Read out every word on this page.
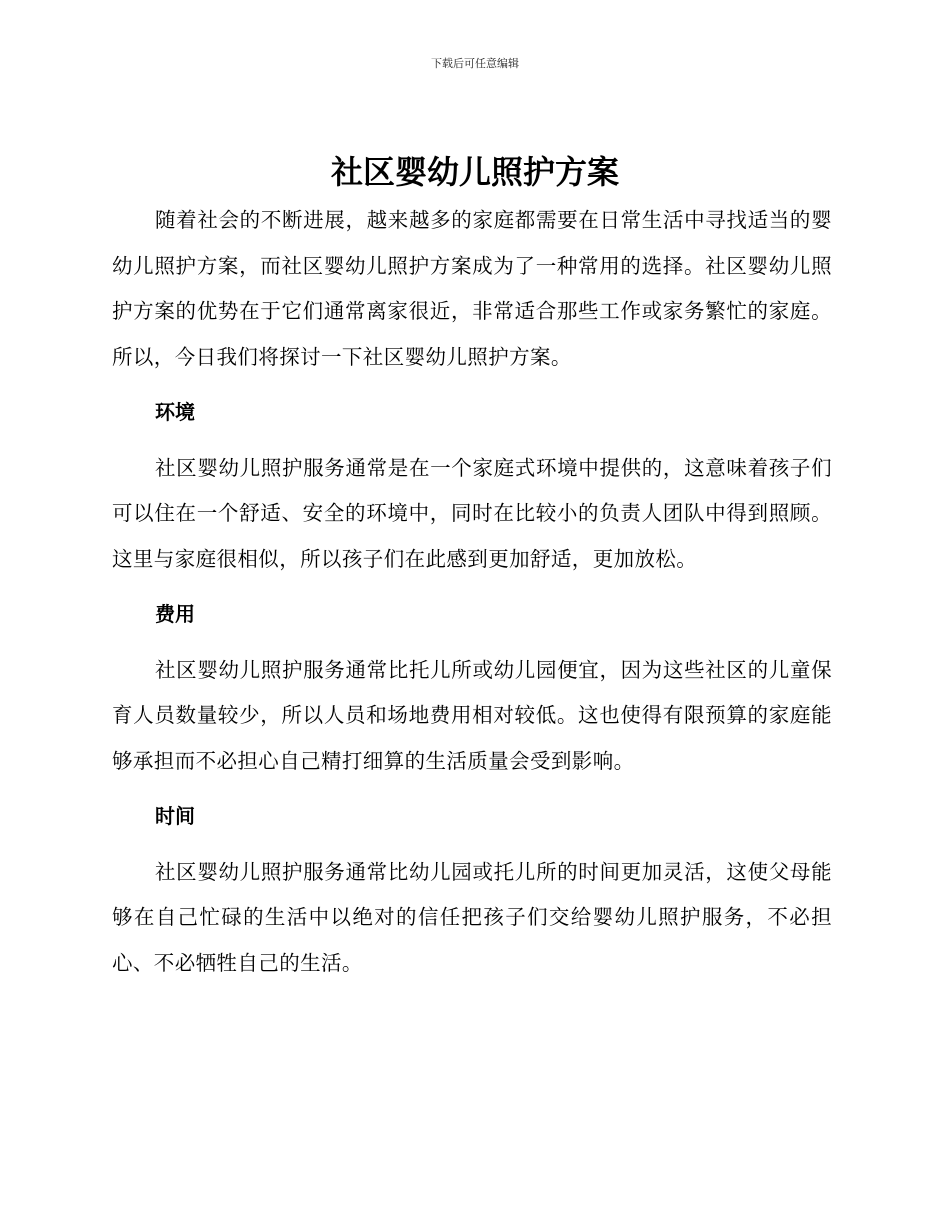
下载后可任意编辑
社区婴幼儿照护方案

随着社会的不断进展，越来越多的家庭都需要在日常生活中寻找适当的婴幼儿照护方案，而社区婴幼儿照护方案成为了一种常用的选择。社区婴幼儿照护方案的优势在于它们通常离家很近，非常适合那些工作或家务繁忙的家庭。所以，今日我们将探讨一下社区婴幼儿照护方案。

环境

社区婴幼儿照护服务通常是在一个家庭式环境中提供的，这意味着孩子们可以住在一个舒适、安全的环境中，同时在比较小的负责人团队中得到照顾。这里与家庭很相似，所以孩子们在此感到更加舒适，更加放松。

费用

社区婴幼儿照护服务通常比托儿所或幼儿园便宜，因为这些社区的儿童保育人员数量较少，所以人员和场地费用相对较低。这也使得有限预算的家庭能够承担而不必担心自己精打细算的生活质量会受到影响。

时间

社区婴幼儿照护服务通常比幼儿园或托儿所的时间更加灵活，这使父母能够在自己忙碌的生活中以绝对的信任把孩子们交给婴幼儿照护服务，不必担心、不必牺牲自己的生活。
